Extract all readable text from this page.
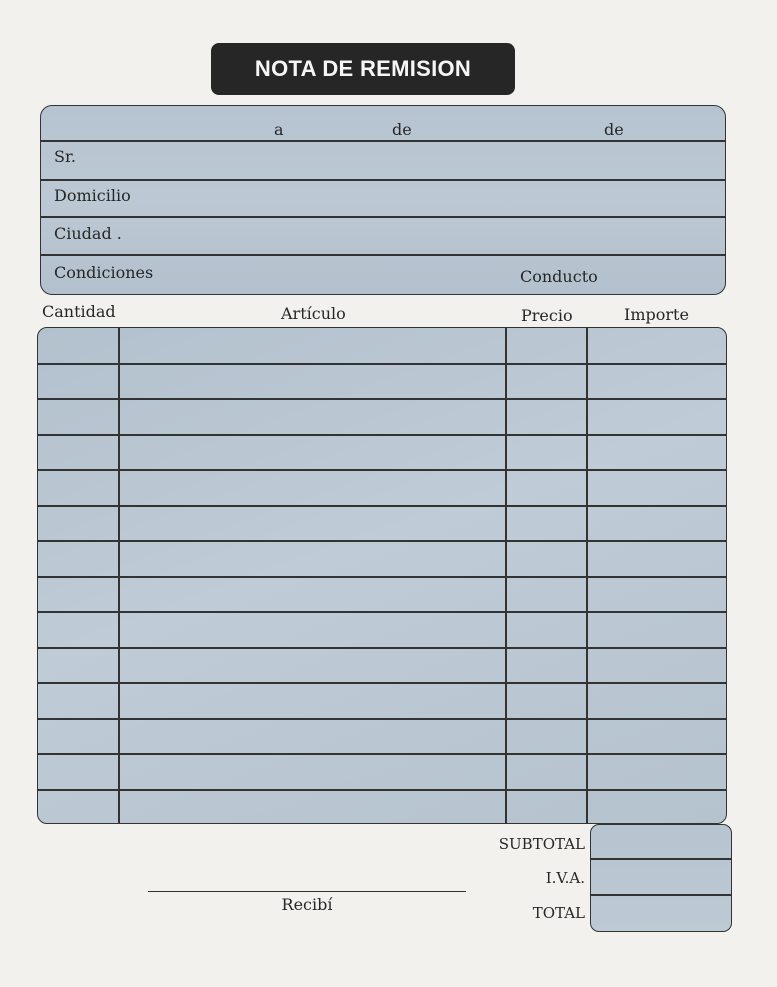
NOTA DE REMISION
a	de	de
Sr.
Domicilio
Ciudad .
Condiciones	Conducto
Cantidad	Artículo	Precio	Importe
SUBTOTAL
I.V.A.
TOTAL
Recibí
